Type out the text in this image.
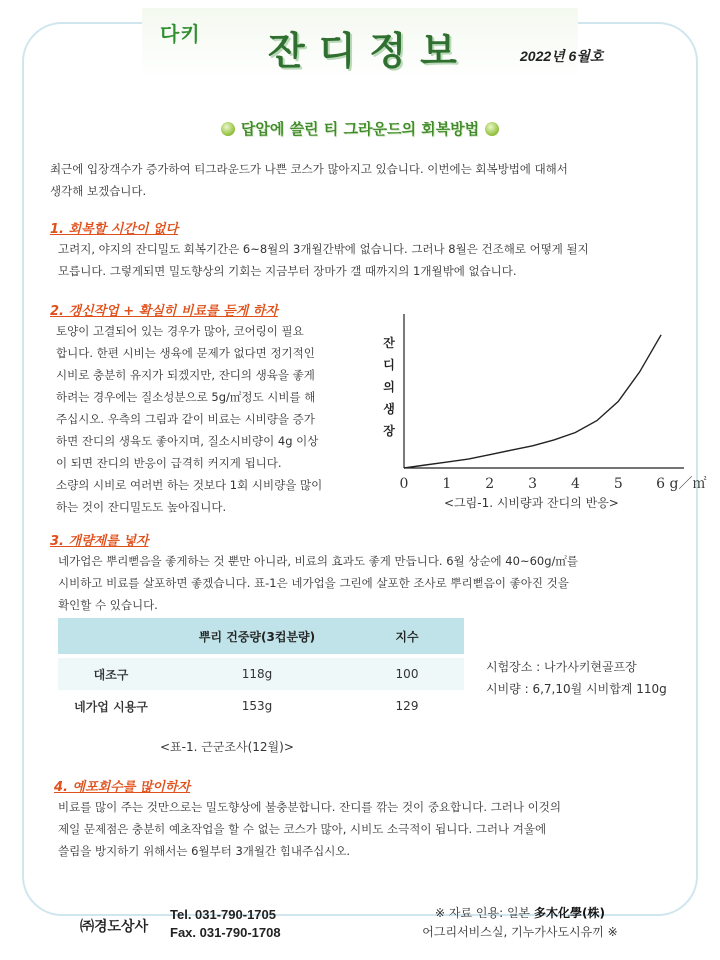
다키 잔디정보	2022년 6월호
답압에 쓸린 티 그라운드의 회복방법
최근에 입장객수가 증가하여 티그라운드가 나쁜 코스가 많아지고 있습니다. 이번에는 회복방법에 대해서
생각해 보겠습니다.
1. 회복할 시간이 없다
고려지, 야지의 잔디밀도 회복기간은 6~8월의 3개월간밖에 없습니다. 그러나 8월은 건조해로 어떻게 될지
모릅니다. 그렇게되면 밀도향상의 기회는 지금부터 장마가 갤 때까지의 1개월밖에 없습니다.
2. 갱신작업 + 확실히 비료를 듣게 하자
토양이 고결되어 있는 경우가 많아, 코어링이 필요
합니다. 한편 시비는 생육에 문제가 없다면 정기적인
시비로 충분히 유지가 되겠지만, 잔디의 생육을 좋게
하려는 경우에는 질소성분으로 5g/㎡정도 시비를 해
주십시오. 우측의 그림과 같이 비료는 시비량을 증가
하면 잔디의 생육도 좋아지며, 질소시비량이 4g 이상
이 되면 잔디의 반응이 급격히 커지게 됩니다.
소량의 시비로 여러번 하는 것보다 1회 시비량을 많이
하는 것이 잔디밀도도 높아집니다.
잔
디
의
생
장
0 1 2 3 4 5 6 g／㎡
<그림-1. 시비량과 잔디의 반응>
3. 개량제를 넣자
네가업은 뿌리뻗음을 좋게하는 것 뿐만 아니라, 비료의 효과도 좋게 만듭니다. 6월 상순에 40~60g/㎡를
시비하고 비료를 살포하면 좋겠습니다. 표-1은 네가업을 그린에 살포한 조사로 뿌리뻗음이 좋아진 것을
확인할 수 있습니다.
	뿌리 건중량(3컵분량)	지수
대조구	118g	100
네가업 시용구	153g	129
<표-1. 근군조사(12월)>
시험장소 : 나가사키현골프장
시비량 : 6,7,10월 시비합계 110g
4. 예포회수를 많이하자
비료를 많이 주는 것만으로는 밀도향상에 불충분합니다. 잔디를 깎는 것이 중요합니다. 그러나 이것의
제일 문제점은 충분히 예초작업을 할 수 없는 코스가 많아, 시비도 소극적이 됩니다. 그러나 겨울에
쓸림을 방지하기 위해서는 6월부터 3개월간 힘내주십시오.
㈜경도상사
Tel. 031-790-1705
Fax. 031-790-1708
※ 자료 인용: 일본 多木化學(株)
어그리서비스실, 기누가사도시유끼 ※
